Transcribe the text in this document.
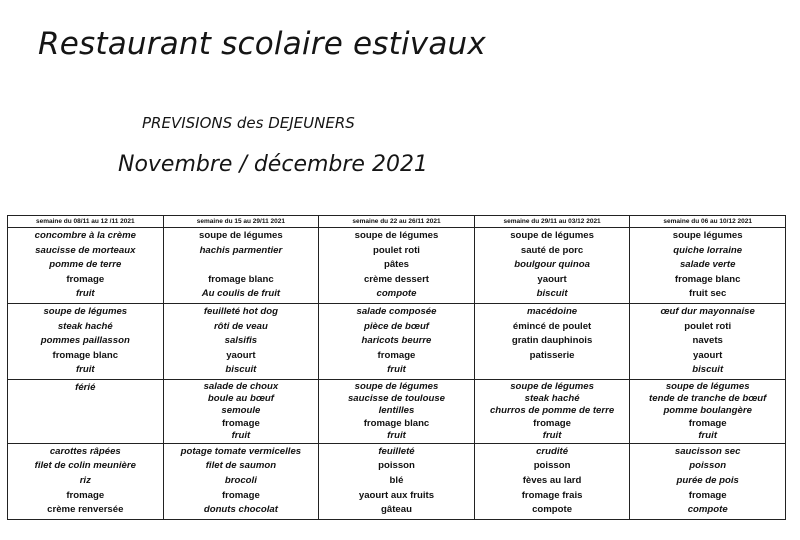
Restaurant scolaire estivaux
PREVISIONS des DEJEUNERS
Novembre / décembre 2021
semaine du 08/11 au 12 /11 2021	semaine du 15 au 29/11 2021	semaine du 22 au 26/11 2021	semaine du 29/11 au 03/12 2021	semaine du 06 au 10/12 2021

concombre à la crème
saucisse de morteaux
pomme de terre
fromage
fruit	soupe de légumes
hachis parmentier
fromage blanc
Au coulis de fruit	soupe de légumes
poulet roti
pâtes
crème dessert
compote	soupe de légumes
sauté de porc
boulgour quinoa
yaourt
biscuit	soupe légumes
quiche lorraine
salade verte
fromage blanc
fruit sec

soupe de légumes
steak haché
pommes paillasson
fromage blanc
fruit	feuilleté hot dog
rôti de veau
salsifis
yaourt
biscuit	salade composée
pièce de bœuf
haricots beurre
fromage
fruit	macédoine
émincé de poulet
gratin dauphinois
patisserie	œuf dur mayonnaise
poulet roti
navets
yaourt
biscuit

férié	salade de choux
boule au bœuf
semoule
fromage
fruit	soupe de légumes
saucisse de toulouse
lentilles
fromage blanc
fruit	soupe de légumes
steak haché
churros de pomme de terre
fromage
fruit	soupe de légumes
tende de tranche de bœuf
pomme boulangère
fromage
fruit

carottes râpées
filet de colin meunière
riz
fromage
crème renversée	potage tomate vermicelles
filet de saumon
brocoli
fromage
donuts chocolat	feuilleté
poisson
blé
yaourt aux fruits
gâteau	crudité
poisson
fèves au lard
fromage frais
compote	saucisson sec
poisson
purée de pois
fromage
compote
